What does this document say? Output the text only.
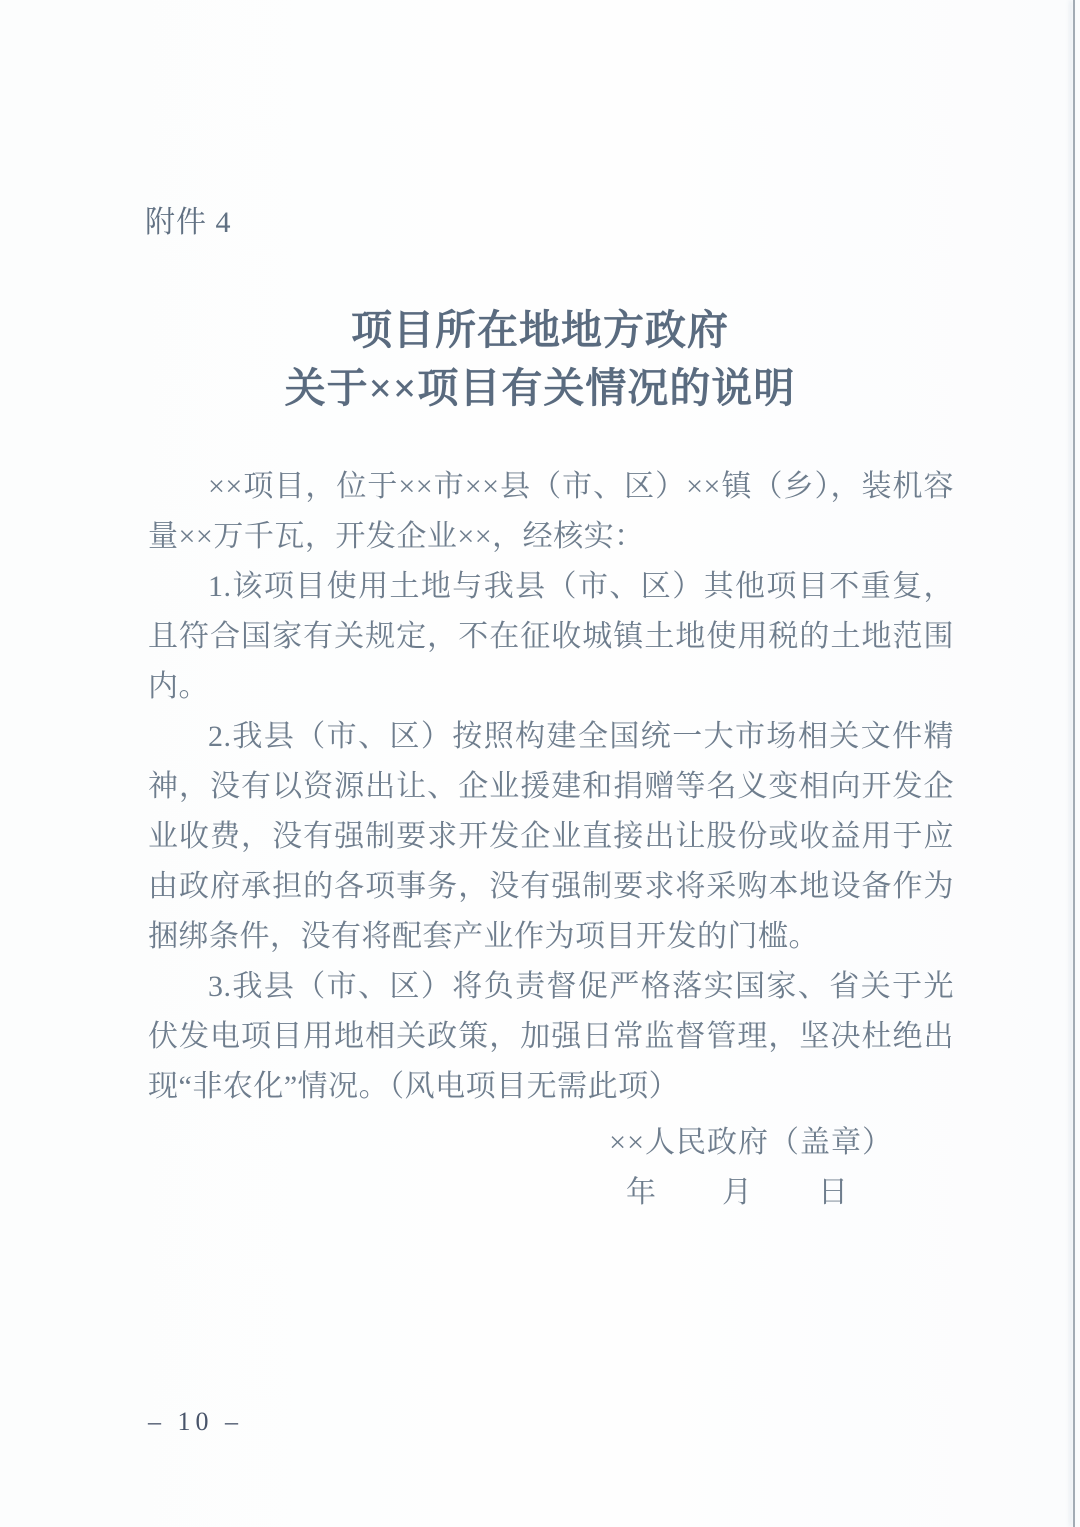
附件 4
项目所在地地方政府
关于××项目有关情况的说明

××项目，位于××市××县（市、区）××镇（乡），装机容量××万千瓦，开发企业××，经核实：

1.该项目使用土地与我县（市、区）其他项目不重复，且符合国家有关规定，不在征收城镇土地使用税的土地范围内。

2.我县（市、区）按照构建全国统一大市场相关文件精神，没有以资源出让、企业援建和捐赠等名义变相向开发企业收费，没有强制要求开发企业直接出让股份或收益用于应由政府承担的各项事务，没有强制要求将采购本地设备作为捆绑条件，没有将配套产业作为项目开发的门槛。

3.我县（市、区）将负责督促严格落实国家、省关于光伏发电项目用地相关政策，加强日常监督管理，坚决杜绝出现“非农化”情况。（风电项目无需此项）

××人民政府（盖章）
年　　月　　日
– 10 –
